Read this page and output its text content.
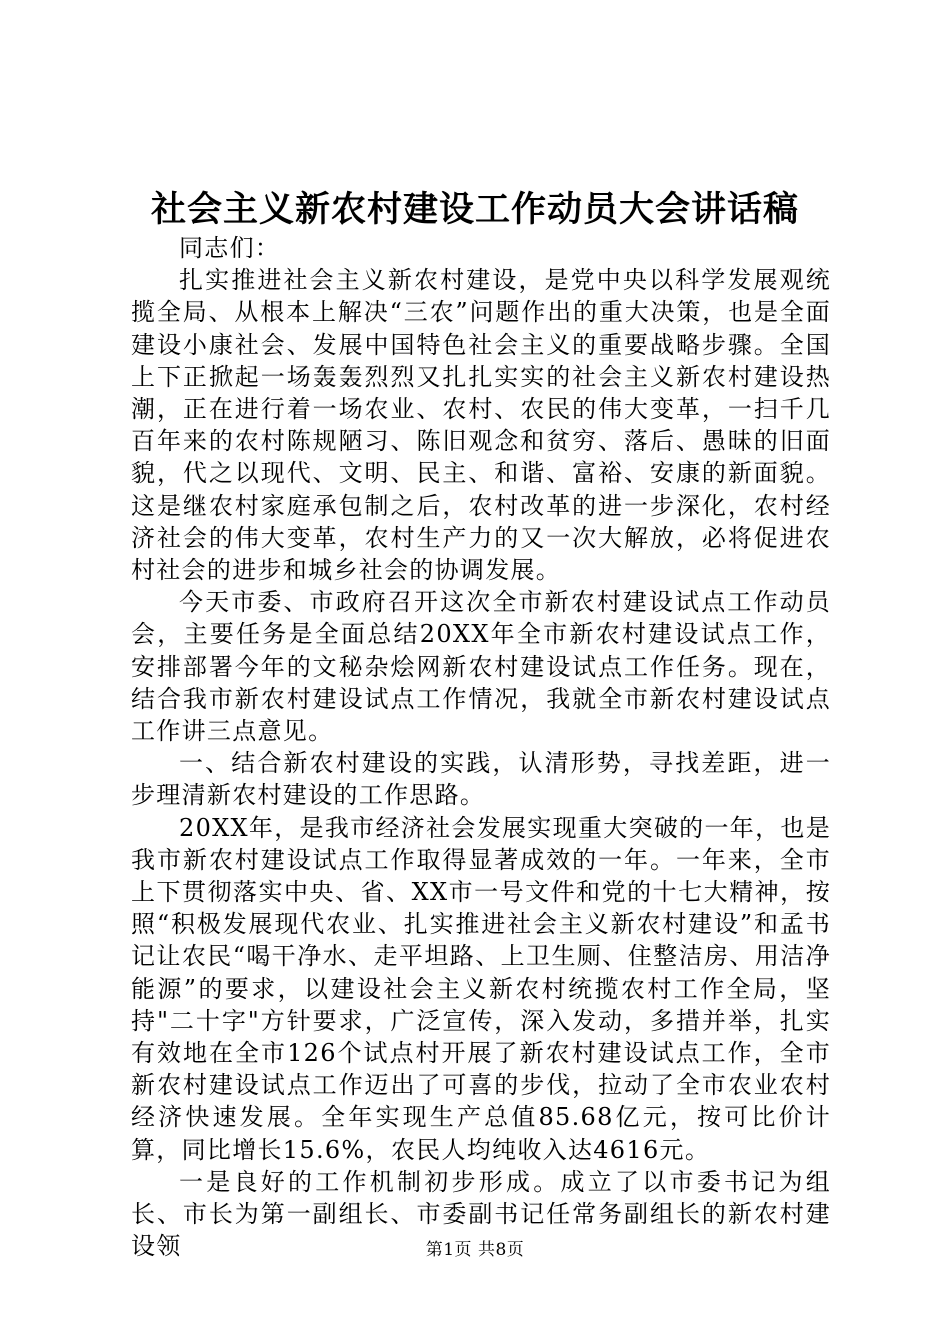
社会主义新农村建设工作动员大会讲话稿

同志们：

扎实推进社会主义新农村建设，是党中央以科学发展观统揽全局、从根本上解决“三农”问题作出的重大决策，也是全面建设小康社会、发展中国特色社会主义的重要战略步骤。全国上下正掀起一场轰轰烈烈又扎扎实实的社会主义新农村建设热潮，正在进行着一场农业、农村、农民的伟大变革，一扫千几百年来的农村陈规陋习、陈旧观念和贫穷、落后、愚昧的旧面貌，代之以现代、文明、民主、和谐、富裕、安康的新面貌。这是继农村家庭承包制之后，农村改革的进一步深化，农村经济社会的伟大变革，农村生产力的又一次大解放，必将促进农村社会的进步和城乡社会的协调发展。

今天市委、市政府召开这次全市新农村建设试点工作动员会，主要任务是全面总结20XX年全市新农村建设试点工作，安排部署今年的文秘杂烩网新农村建设试点工作任务。现在，结合我市新农村建设试点工作情况，我就全市新农村建设试点工作讲三点意见。

一、结合新农村建设的实践，认清形势，寻找差距，进一步理清新农村建设的工作思路。

20XX年，是我市经济社会发展实现重大突破的一年，也是我市新农村建设试点工作取得显著成效的一年。一年来，全市上下贯彻落实中央、省、XX市一号文件和党的十七大精神，按照“积极发展现代农业、扎实推进社会主义新农村建设”和孟书记让农民“喝干净水、走平坦路、上卫生厕、住整洁房、用洁净能源”的要求，以建设社会主义新农村统揽农村工作全局，坚持"二十字"方针要求，广泛宣传，深入发动，多措并举，扎实有效地在全市126个试点村开展了新农村建设试点工作，全市新农村建设试点工作迈出了可喜的步伐，拉动了全市农业农村经济快速发展。全年实现生产总值85.68亿元，按可比价计算，同比增长15.6%，农民人均纯收入达4616元。

一是良好的工作机制初步形成。成立了以市委书记为组长、市长为第一副组长、市委副书记任常务副组长的新农村建设领	第1页 共8页
